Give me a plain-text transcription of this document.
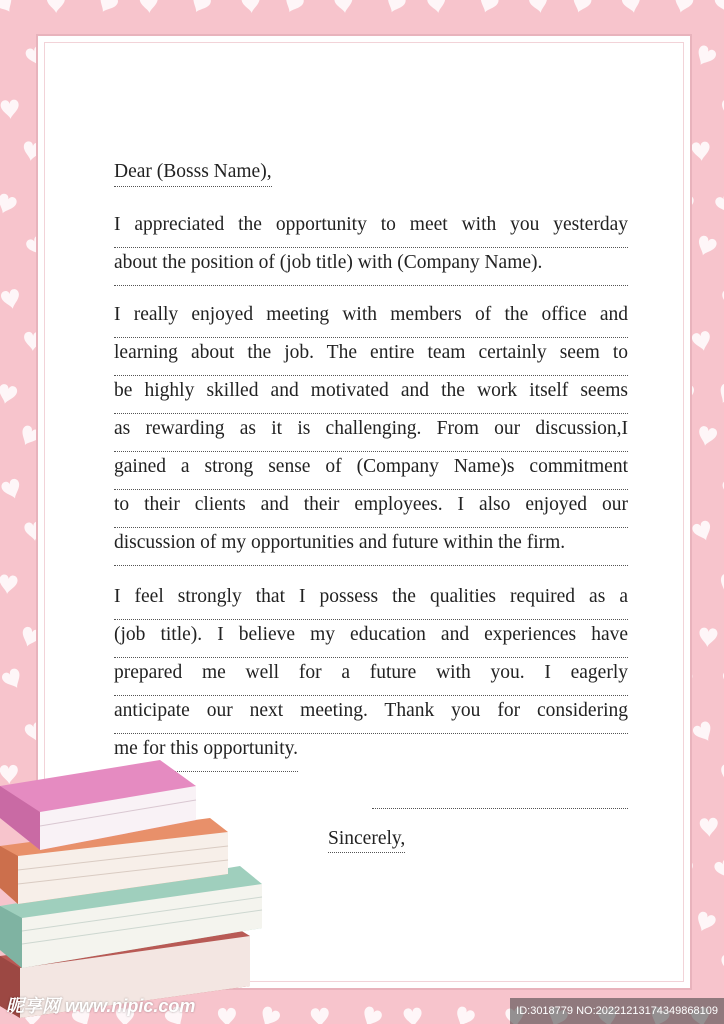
Dear (Bosss Name),
I appreciated the opportunity to meet with you yesterday
about the position of (job title) with (Company Name).
I really enjoyed meeting with members of the office and
learning about the job. The entire team certainly seem to
be highly skilled and motivated and the work itself seems
as rewarding as it is challenging. From our discussion,I
gained a strong sense of (Company Name)s commitment
to their clients and their employees. I also enjoyed our
discussion of my opportunities and future within the firm.
I feel strongly that I possess the qualities required as a
(job title). I believe my education and experiences have
prepared me well for a future with you. I eagerly
anticipate our next meeting. Thank you for considering
me for this opportunity.
Sincerely,
昵享网 www.nipic.com	ID:3018779 NO:20221213174349868109
